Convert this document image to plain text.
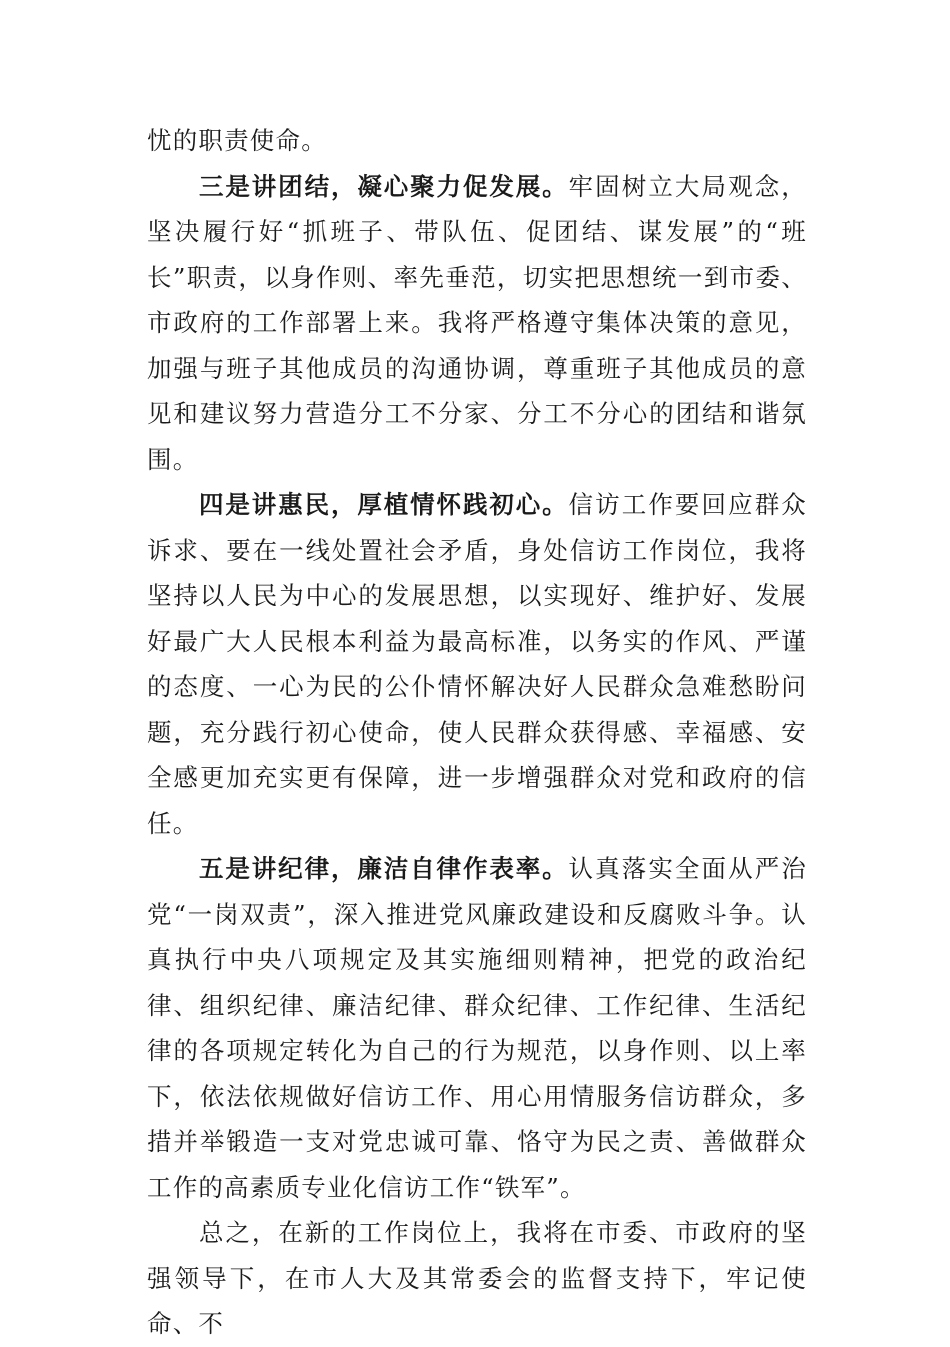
忧的职责使命。

三是讲团结，凝心聚力促发展。牢固树立大局观念，坚决履行好“抓班子、带队伍、促团结、谋发展”的“班长”职责，以身作则、率先垂范，切实把思想统一到市委、市政府的工作部署上来。我将严格遵守集体决策的意见，加强与班子其他成员的沟通协调，尊重班子其他成员的意见和建议努力营造分工不分家、分工不分心的团结和谐氛围。

四是讲惠民，厚植情怀践初心。信访工作要回应群众诉求、要在一线处置社会矛盾，身处信访工作岗位，我将坚持以人民为中心的发展思想，以实现好、维护好、发展好最广大人民根本利益为最高标准，以务实的作风、严谨的态度、一心为民的公仆情怀解决好人民群众急难愁盼问题，充分践行初心使命，使人民群众获得感、幸福感、安全感更加充实更有保障，进一步增强群众对党和政府的信任。

五是讲纪律，廉洁自律作表率。认真落实全面从严治党“一岗双责”，深入推进党风廉政建设和反腐败斗争。认真执行中央八项规定及其实施细则精神，把党的政治纪律、组织纪律、廉洁纪律、群众纪律、工作纪律、生活纪律的各项规定转化为自己的行为规范，以身作则、以上率下，依法依规做好信访工作、用心用情服务信访群众，多措并举锻造一支对党忠诚可靠、恪守为民之责、善做群众工作的高素质专业化信访工作“铁军”。

总之，在新的工作岗位上，我将在市委、市政府的坚强领导下，在市人大及其常委会的监督支持下，牢记使命、不
